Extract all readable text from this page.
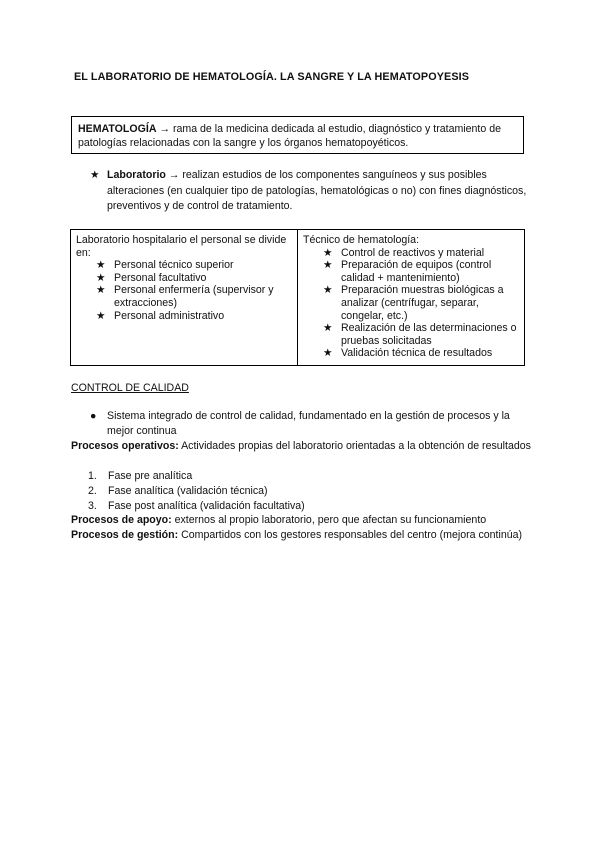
EL LABORATORIO DE HEMATOLOGÍA. LA SANGRE Y LA HEMATOPOYESIS
HEMATOLOGÍA → rama de la medicina dedicada al estudio, diagnóstico y tratamiento de patologías relacionadas con la sangre y los órganos hematopoyéticos.
★ Laboratorio → realizan estudios de los componentes sanguíneos y sus posibles alteraciones (en cualquier tipo de patologías, hematológicas o no) con fines diagnósticos, preventivos y de control de tratamiento.
Laboratorio hospitalario el personal se divide en:
★ Personal técnico superior
★ Personal facultativo
★ Personal enfermería (supervisor y extracciones)
★ Personal administrativo

Técnico de hematología:
★ Control de reactivos y material
★ Preparación de equipos (control calidad + mantenimiento)
★ Preparación muestras biológicas a analizar (centrífugar, separar, congelar, etc.)
★ Realización de las determinaciones o pruebas solicitadas
★ Validación técnica de resultados
CONTROL DE CALIDAD
● Sistema integrado de control de calidad, fundamentado en la gestión de procesos y la mejor continua
Procesos operativos: Actividades propias del laboratorio orientadas a la obtención de resultados
1. Fase pre analítica
2. Fase analítica (validación técnica)
3. Fase post analítica (validación facultativa)
Procesos de apoyo: externos al propio laboratorio, pero que afectan su funcionamiento
Procesos de gestión: Compartidos con los gestores responsables del centro (mejora continúa)
